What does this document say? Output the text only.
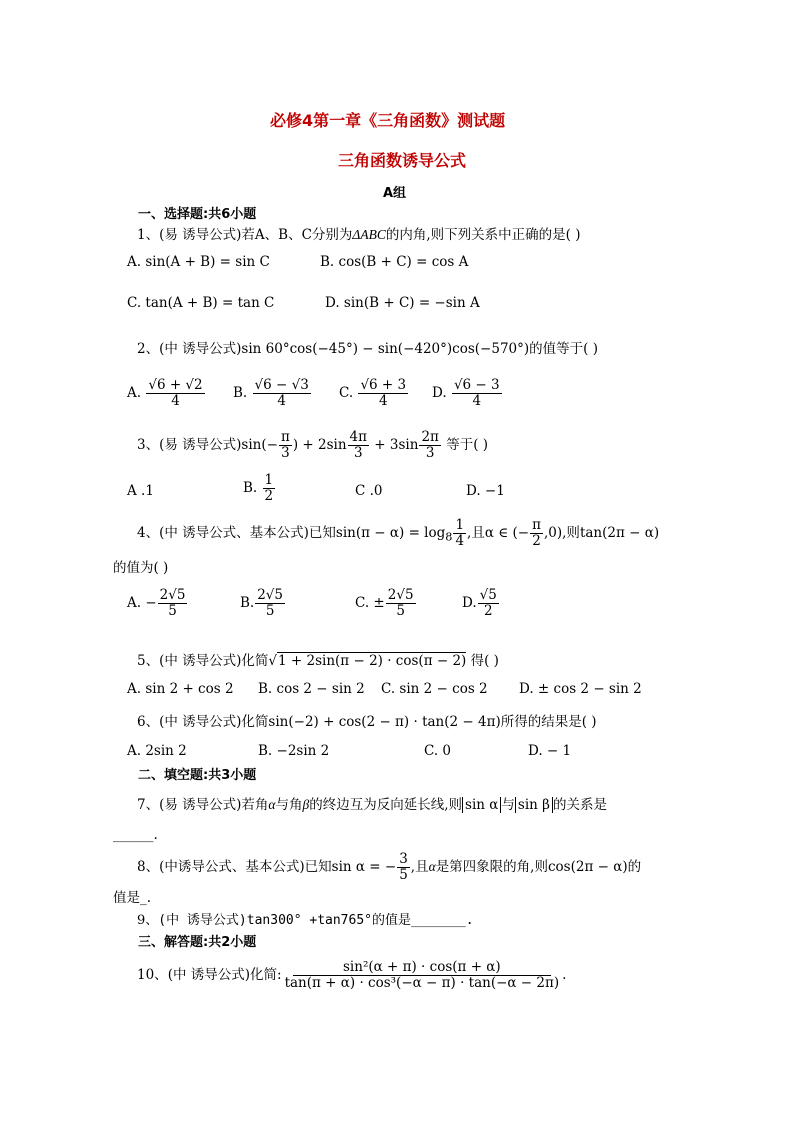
必修4第一章《三角函数》测试题
三角函数诱导公式
A组
一、选择题:共6小题
1、(易 诱导公式)若A、B、C分别为ΔABC的内角,则下列关系中正确的是( )
A. sin(A + B) = sin C	B. cos(B + C) = cos A
C. tan(A + B) = tan C	D. sin(B + C) = −sin A
2、(中 诱导公式)sin 60°cos(−45°) − sin(−420°)cos(−570°)的值等于( )
A. $\frac{√6 + √2}{4} B$. $\frac{√6 - √3}{4} C$. $\frac{√6 + 3}{4} D$. $\frac{√6 - 3}{4}$
3、(易 诱导公式)$\sin(- \frac{\pi}{3}$ ) + $2\sin \frac{4\pi}{3} + 3\sin \frac{2\pi}{3}$ 等于( )
A .1	B. $\frac{1}{2}$	C .0	D. −1
4、(中 诱导公式、基本公式)已知$\sin(\pi - \alpha) = \log_8 \frac{1}{4}$ ,且α ∈ (− $\frac{\pi}{2} ,0$),则tan(2π − α)
的值为( )
A. − $\frac{2√5}{5}$	B. $\frac{2√5}{5}$	C. ± $\frac{2√5}{5}$	D. $\frac{√5}{2}$
5、(中 诱导公式)化简√ 1 + 2sin(π − 2) · cos(π − 2) 得( )
A. sin 2 + cos 2 B. cos 2 − sin 2 C. sin 2 − cos 2 D. ± cos 2 − sin 2
6、(中 诱导公式)化简sin(−2) + cos(2 − π) · tan(2 − 4π)所得的结果是( )
A. 2sin 2	B. −2sin 2	C. 0	D. − 1
二、填空题:共3小题
7、(易 诱导公式)若角α与角β的终边互为反向延长线,则 sin α 与 sin β 的关系是
______.
8、(中诱导公式、基本公式)已知sin α = − $\frac{3}{5}$ ,且α是第四象限的角,则cos(2π − α)的
值是_.
9、(中 诱导公式)tan300° +tan765°的值是_______.
三、解答题:共2小题
10、(中 诱导公式)化简: $\frac{\text{sin²(α + π) · cos(π + α)}}{\text{tan(π + α) · cos³(−α − π) · tan(−α − 2π)}}$ .
